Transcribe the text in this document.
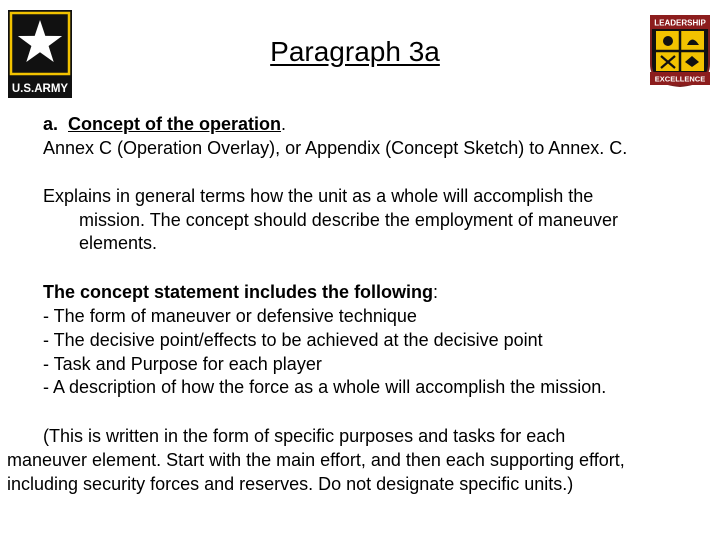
U.S.ARMY
LEADERSHIP
EXCELLENCE
Paragraph 3a
a.  Concept of the operation.
Annex C (Operation Overlay), or Appendix (Concept Sketch) to Annex. C.
Explains in general terms how the unit as a whole will accomplish the
mission. The concept should describe the employment of maneuver
elements.
The concept statement includes the following:
- The form of maneuver or defensive technique
- The decisive point/effects to be achieved at the decisive point
- Task and Purpose for each player
- A description of how the force as a whole will accomplish the mission.
(This is written in the form of specific purposes and tasks for each
maneuver element. Start with the main effort, and then each supporting effort,
including security forces and reserves. Do not designate specific units.)
